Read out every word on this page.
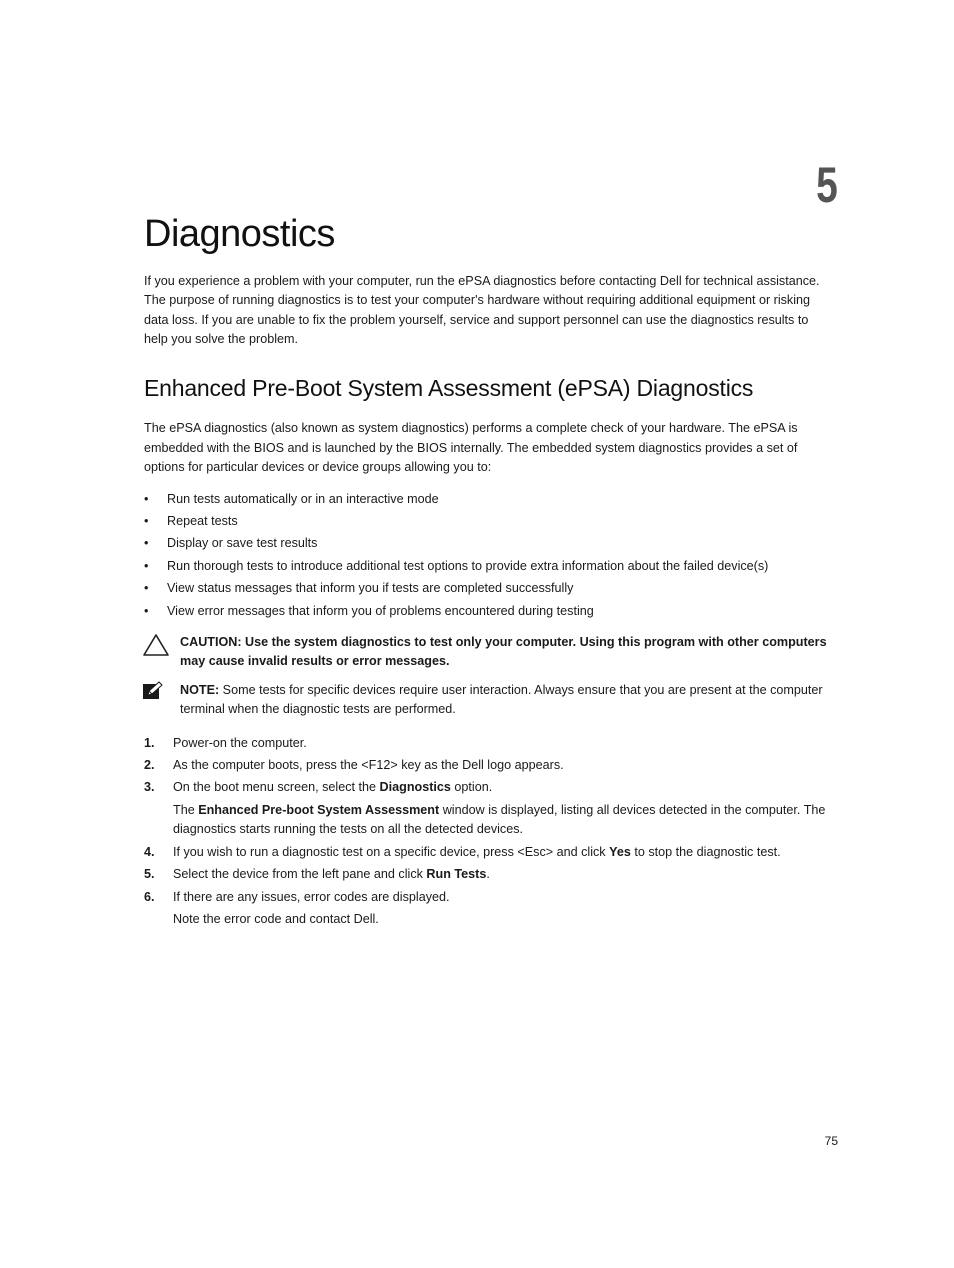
5
Diagnostics

If you experience a problem with your computer, run the ePSA diagnostics before contacting Dell for technical assistance. The purpose of running diagnostics is to test your computer's hardware without requiring additional equipment or risking data loss. If you are unable to fix the problem yourself, service and support personnel can use the diagnostics results to help you solve the problem.

Enhanced Pre-Boot System Assessment (ePSA) Diagnostics

The ePSA diagnostics (also known as system diagnostics) performs a complete check of your hardware. The ePSA is embedded with the BIOS and is launched by the BIOS internally. The embedded system diagnostics provides a set of options for particular devices or device groups allowing you to:

• Run tests automatically or in an interactive mode
• Repeat tests
• Display or save test results
• Run thorough tests to introduce additional test options to provide extra information about the failed device(s)
• View status messages that inform you if tests are completed successfully
• View error messages that inform you of problems encountered during testing

CAUTION: Use the system diagnostics to test only your computer. Using this program with other computers may cause invalid results or error messages.

NOTE: Some tests for specific devices require user interaction. Always ensure that you are present at the computer terminal when the diagnostic tests are performed.

1. Power-on the computer.
2. As the computer boots, press the <F12> key as the Dell logo appears.
3. On the boot menu screen, select the Diagnostics option.
The Enhanced Pre-boot System Assessment window is displayed, listing all devices detected in the computer. The diagnostics starts running the tests on all the detected devices.
4. If you wish to run a diagnostic test on a specific device, press <Esc> and click Yes to stop the diagnostic test.
5. Select the device from the left pane and click Run Tests.
6. If there are any issues, error codes are displayed.
Note the error code and contact Dell.
75
